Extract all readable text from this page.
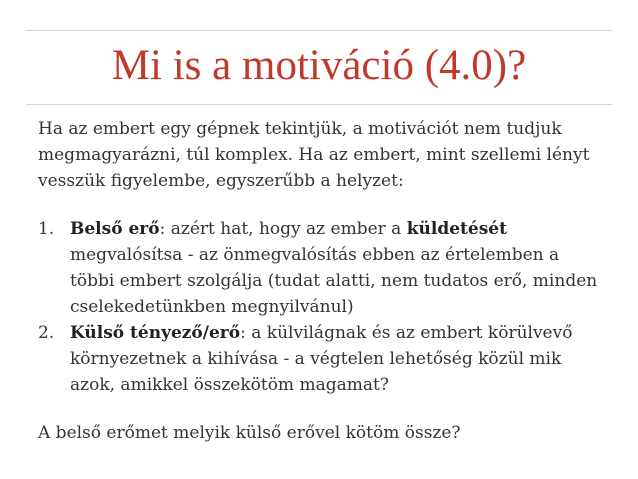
Mi is a motiváció (4.0)?

Ha az embert egy gépnek tekintjük, a motivációt nem tudjuk megmagyarázni, túl komplex. Ha az embert, mint szellemi lényt vesszük figyelembe, egyszerűbb a helyzet:

1. Belső erő: azért hat, hogy az ember a küldetését megvalósítsa - az önmegvalósítás ebben az értelemben a többi embert szolgálja (tudat alatti, nem tudatos erő, minden cselekedetünkben megnyilvánul)
2. Külső tényező/erő: a külvilágnak és az embert körülvevő környezetnek a kihívása - a végtelen lehetőség közül mik azok, amikkel összekötöm magamat?

A belső erőmet melyik külső erővel kötöm össze?
